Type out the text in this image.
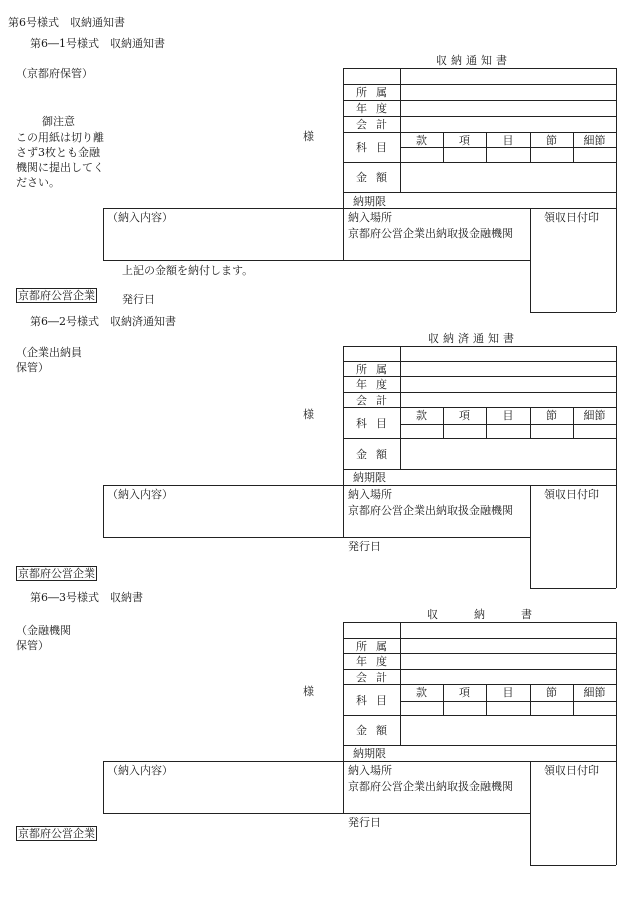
第6号様式　収納通知書
第6―1号様式　収納通知書
（京都府保管）
御注意
この用紙は切り離さず3枚とも金融機関に提出してください。
収納通知書
様
所属
年度
会計
科目
金額
納期限
款	項	目	節	細節
（納入内容）	納入場所
京都府公営企業出納取扱金融機関
領収日付印
上記の金額を納付します。
発行日
京都府公営企業
第6―2号様式　収納済通知書
（企業出納員
保管）
収納済通知書
様
所属
年度
会計
科目
金額
納期限
款	項	目	節	細節
（納入内容）	納入場所
京都府公営企業出納取扱金融機関
領収日付印
発行日
京都府公営企業
第6―3号様式　収納書
（金融機関
保管）
収納書
様
所属
年度
会計
科目
金額
納期限
款	項	目	節	細節
（納入内容）	納入場所
京都府公営企業出納取扱金融機関
領収日付印
発行日
京都府公営企業
